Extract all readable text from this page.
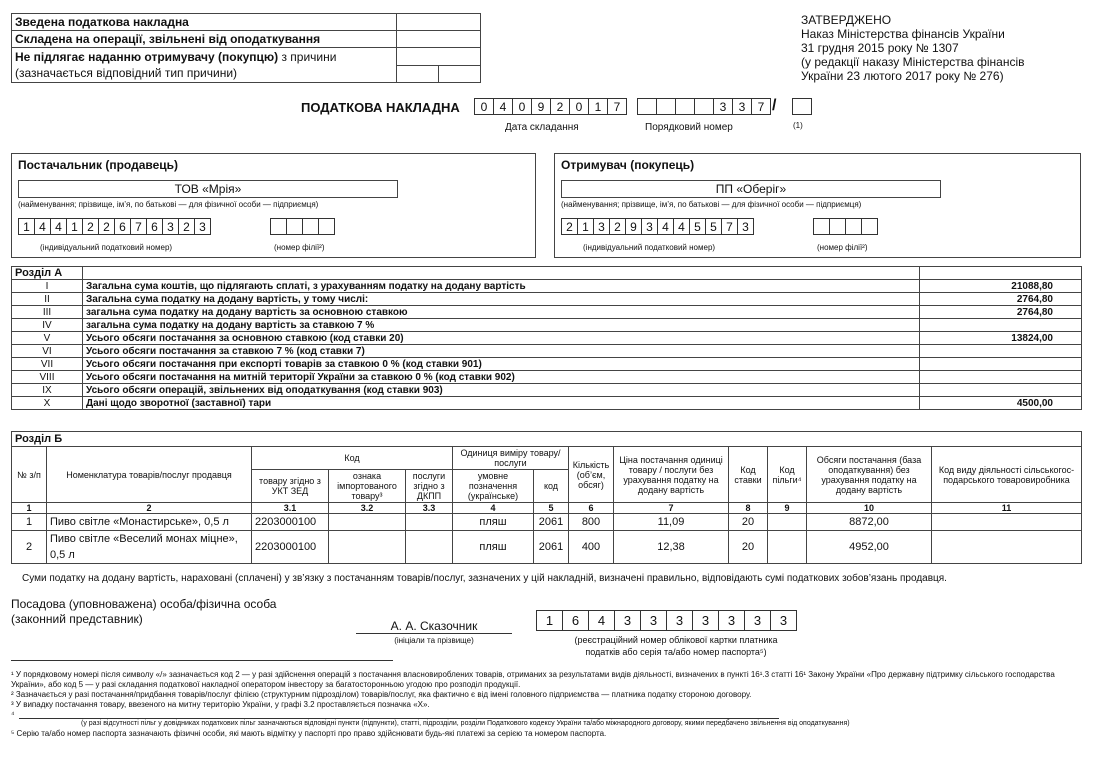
Зведена податкова накладна		
Складена на операції, звільнені від оподаткування		
Не підлягає наданню отримувачу (покупцю) з причини
(зазначається відповідний тип причини)		

ЗАТВЕРДЖЕНО
Наказ Міністерства фінансів України
31 грудня 2015 року № 1307
(у редакції наказу Міністерства фінансів
України 23 лютого 2017 року № 276)
ПОДАТКОВА НАКЛАДНА	0 4 0 9 2 0 1 7
Дата складання
3 3 7 /
Порядковий номер	(1)
Постачальник (продавець)
ТОВ «Мрія»
(найменування; прізвище, ім’я, по батькові — для фізичної особи — підприємця)
1 4 4 1 2 2 6 7 6 3 2 3
(індивідуальний податковий номер)	(номер філії²)
Отримувач (покупець)
ПП «Оберіг»
(найменування; прізвище, ім’я, по батькові — для фізичної особи — підприємця)
2 1 3 2 9 3 4 4 5 5 7 3
(індивідуальний податковий номер)	(номер філії²)
Розділ А		
I	Загальна сума коштів, що підлягають сплаті, з урахуванням податку на додану вартість	21088,80
II	Загальна сума податку на додану вартість, у тому числі:	2764,80
III	загальна сума податку на додану вартість за основною ставкою	2764,80
IV	загальна сума податку на додану вартість за ставкою 7 %	
V	Усього обсяги постачання за основною ставкою (код ставки 20)	13824,00
VI	Усього обсяги постачання за ставкою 7 % (код ставки 7)	
VII	Усього обсяги постачання при експорті товарів за ставкою 0 % (код ставки 901)	
VIII	Усього обсяги постачання на митній території України за ставкою 0 % (код ставки 902)	
IX	Усього обсяги операцій, звільнених від оподаткування (код ставки 903)	
X	Дані щодо зворотної (заставної) тари	4500,00
Розділ Б												
№ з/п	Номенклатура товарів/послуг продавця	Код			Одиниця виміру товару/послуги		Кількість (об’єм, обсяг)	Ціна постачання одиниці товару / послуги без урахування податку на додану вартість	Код ставки	Код пільги⁴	Обсяги постачання (база оподаткування) без урахування податку на додану вартість	Код виду діяльності сільськогос-подарського товаровиробника
		товару згідно з УКТ ЗЕД	ознака імпортованого товару³	послуги згідно з ДКПП	умовне позначення (українське)	код						
1	2	3.1	3.2	3.3	4	5	6	7	8	9	10	11
1	Пиво світле «Монастирське», 0,5 л	2203000100			пляш	2061	800	11,09	20		8872,00	
2	Пиво світле «Веселий монах міцне», 0,5 л	2203000100			пляш	2061	400	12,38	20		4952,00	
Суми податку на додану вартість, нараховані (сплачені) у зв’язку з постачанням товарів/послуг, зазначених у цій накладній, визначені правильно, відповідають сумі податкових зобов’язань продавця.
Посадова (уповноважена) особа/фізична особа
(законний представник)	А. А. Сказочник
(ініціали та прізвище)
1 6 4 3 3 3 3 3 3 3
(реєстраційний номер облікової картки платника
податків або серія та/або номер паспорта⁵)
¹ У порядковому номері після символу «/» зазначається код 2 — у разі здійснення операцій з постачання власновироблених товарів, отриманих за результатами видів діяльності, визначених в пункті 16¹.3 статті 16¹ Закону України «Про державну підтримку сільського господарства України», або код 5 — у разі складання податкової накладної оператором інвестору за багатосторонньою угодою про розподіл продукції.
² Зазначається у разі постачання/придбання товарів/послуг філією (структурним підрозділом) товарів/послуг, яка фактично є від імені головного підприємства — платника податку стороною договору.
³ У випадку постачання товару, ввезеного на митну територію України, у графі 3.2 проставляється позначка «Х».
⁴
(у разі відсутності пільг у довідниках податкових пільг зазначаються відповідні пункти (підпункти), статті, підрозділи, розділи Податкового кодексу України та/або міжнародного договору, якими передбачено звільнення від оподаткування)
⁵ Серію та/або номер паспорта зазначають фізичні особи, які мають відмітку у паспорті про право здійснювати будь-які платежі за серією та номером паспорта.
